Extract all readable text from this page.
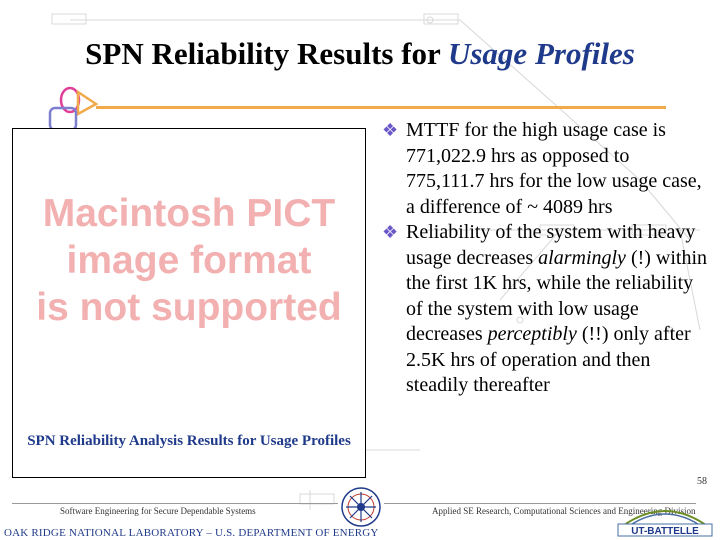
SPN Reliability Results for Usage Profiles
Macintosh PICT
image format
is not supported
SPN Reliability Analysis Results for Usage Profiles
❖ MTTF for the high usage case is 771,022.9 hrs as opposed to 775,111.7 hrs for the low usage case, a difference of ~ 4089 hrs
❖ Reliability of the system with heavy usage decreases alarmingly (!) within the first 1K hrs, while the reliability of the system with low usage decreases perceptibly (!!) only after 2.5K hrs of operation and then steadily thereafter
Software Engineering for Secure Dependable Systems	Applied SE Research, Computational Sciences and Engineering Division
58
OAK RIDGE NATIONAL LABORATORY – U.S. DEPARTMENT OF ENERGY	UT-BATTELLE
